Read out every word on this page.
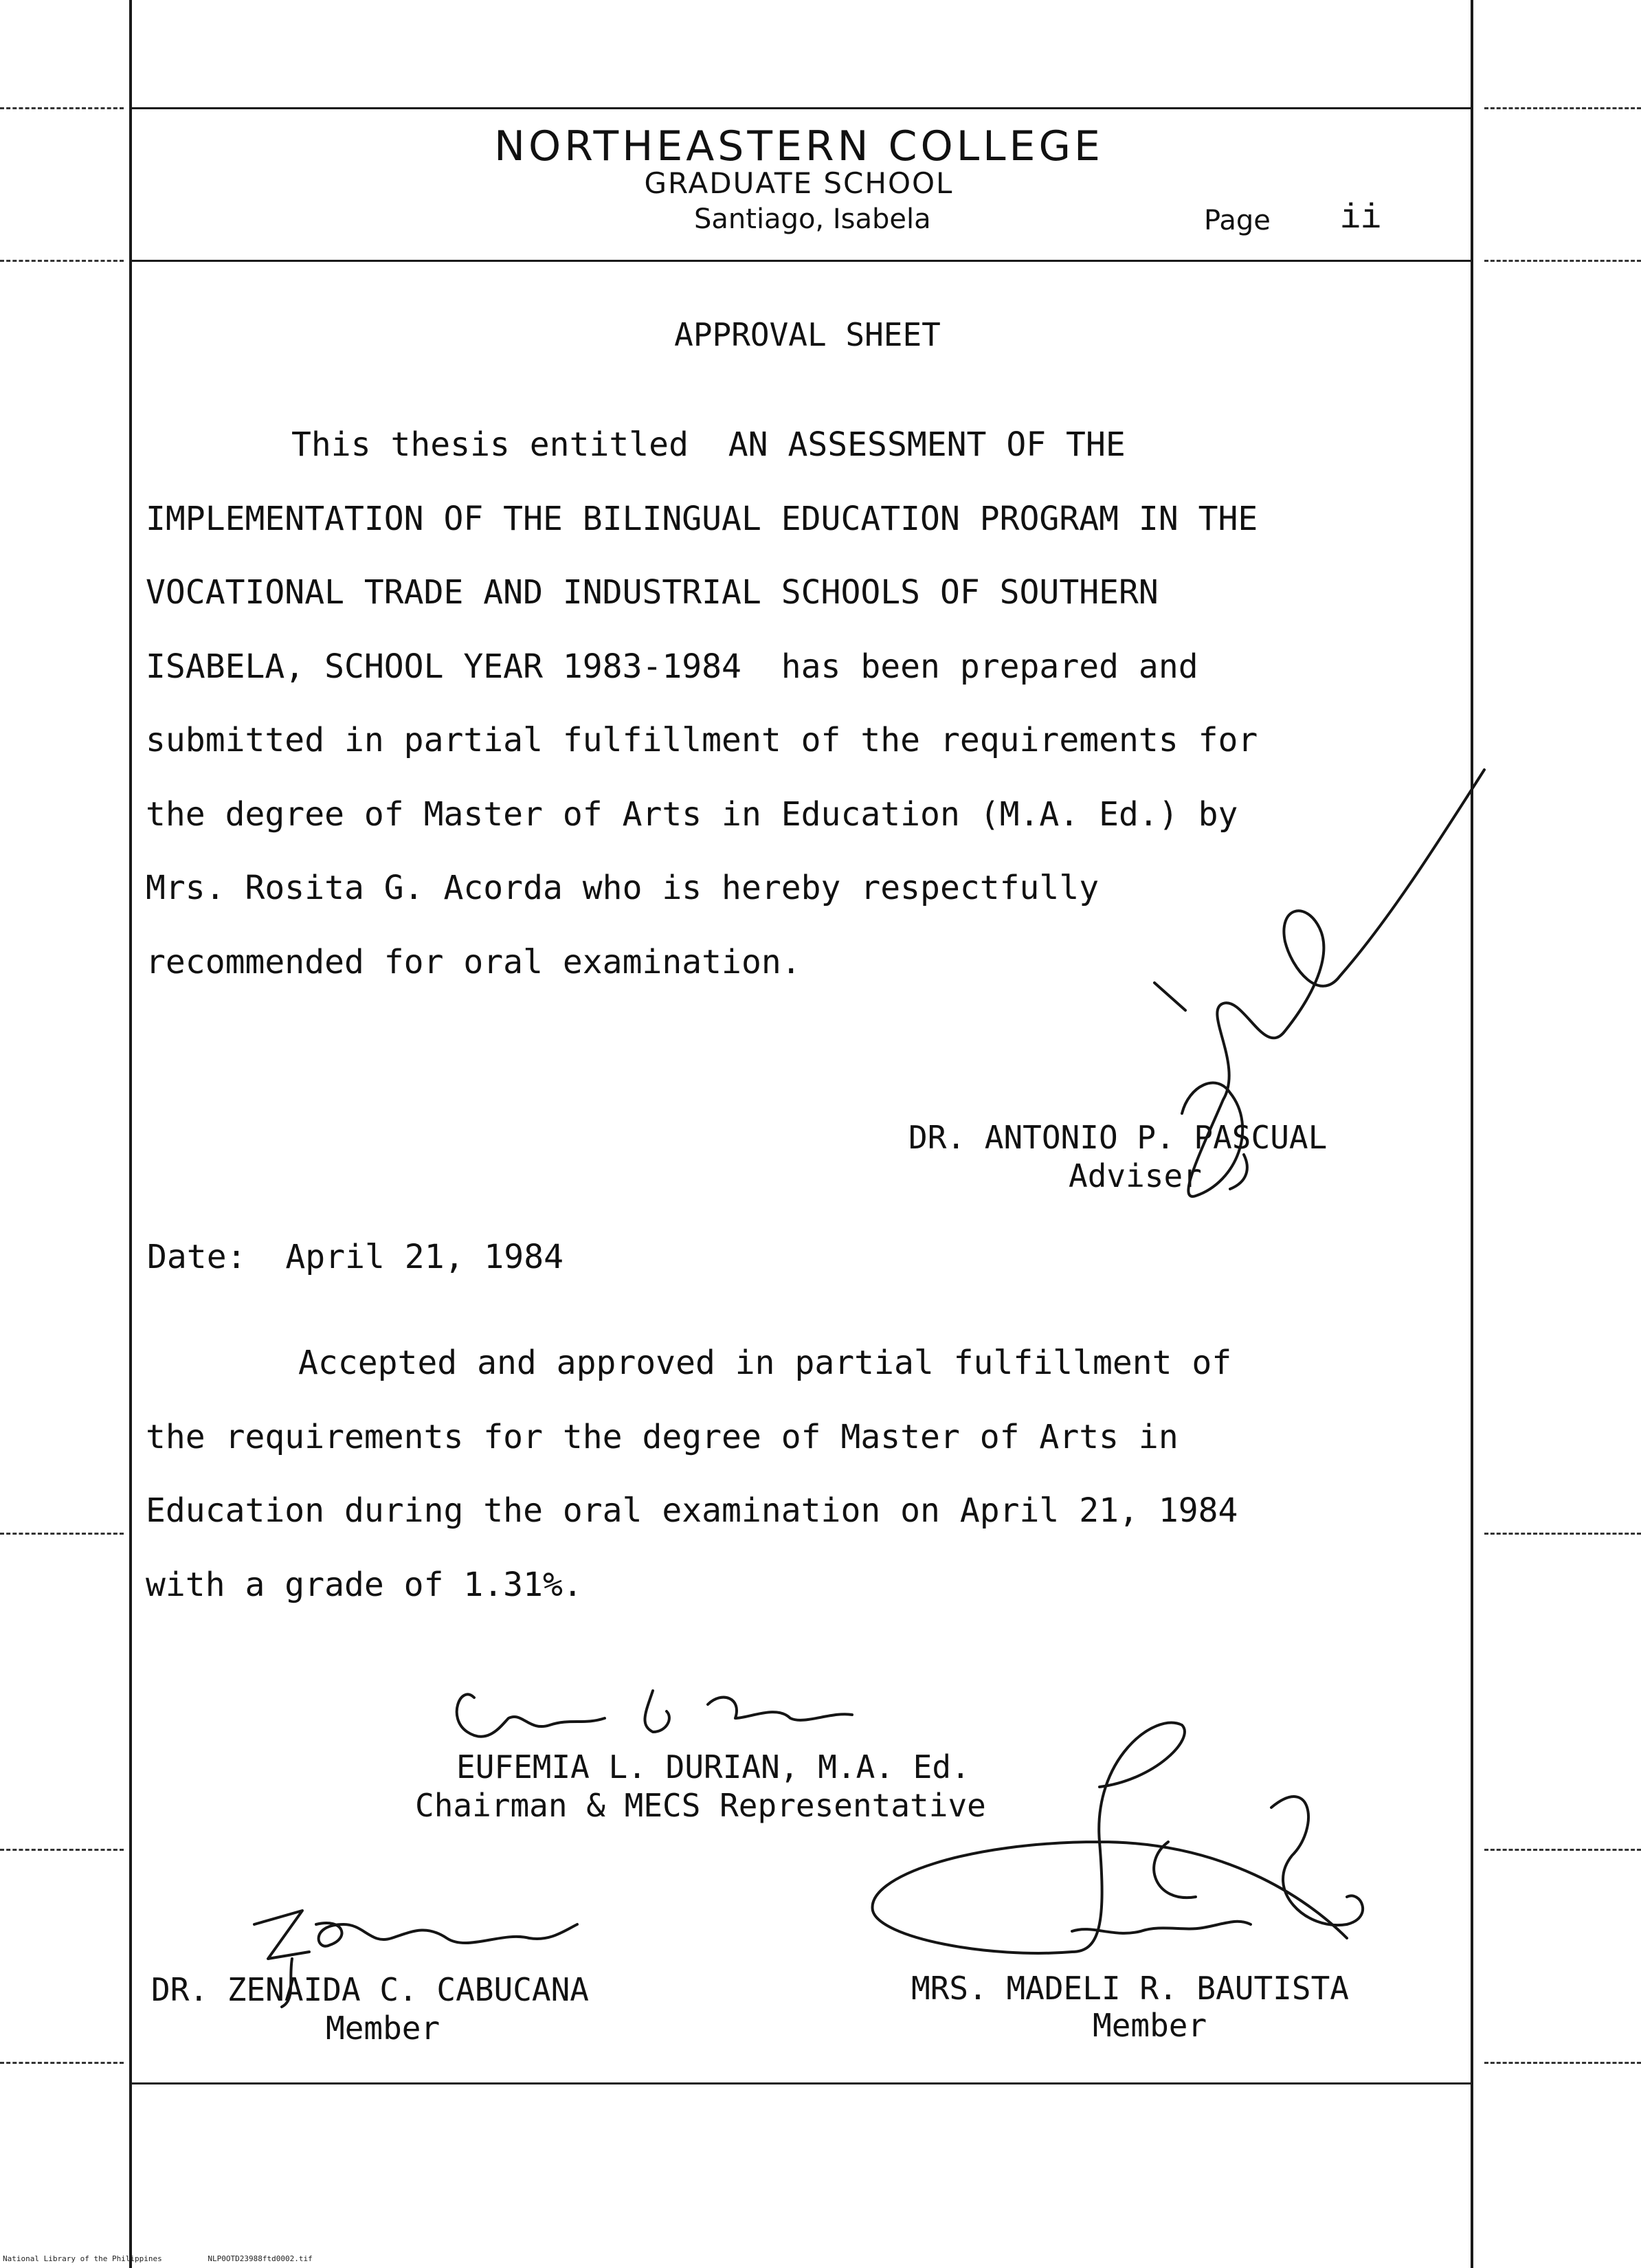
NORTHEASTERN COLLEGE
GRADUATE SCHOOL
Santiago, Isabela	Page ii
APPROVAL SHEET
This thesis entitled  AN ASSESSMENT OF THE
IMPLEMENTATION OF THE BILINGUAL EDUCATION PROGRAM IN THE
VOCATIONAL TRADE AND INDUSTRIAL SCHOOLS OF SOUTHERN
ISABELA, SCHOOL YEAR 1983-1984  has been prepared and
submitted in partial fulfillment of the requirements for
the degree of Master of Arts in Education (M.A. Ed.) by
Mrs. Rosita G. Acorda who is hereby respectfully
recommended for oral examination.
DR. ANTONIO P. PASCUAL
Adviser
Date: April 21, 1984
Accepted and approved in partial fulfillment of
the requirements for the degree of Master of Arts in
Education during the oral examination on April 21, 1984
with a grade of 1.31%.
EUFEMIA L. DURIAN, M.A. Ed.
Chairman & MECS Representative
DR. ZENAIDA C. CABUCANA
Member
MRS. MADELI R. BAUTISTA
Member
National Library of the Philippines	NLP0OTD23988ftd0002.tif
